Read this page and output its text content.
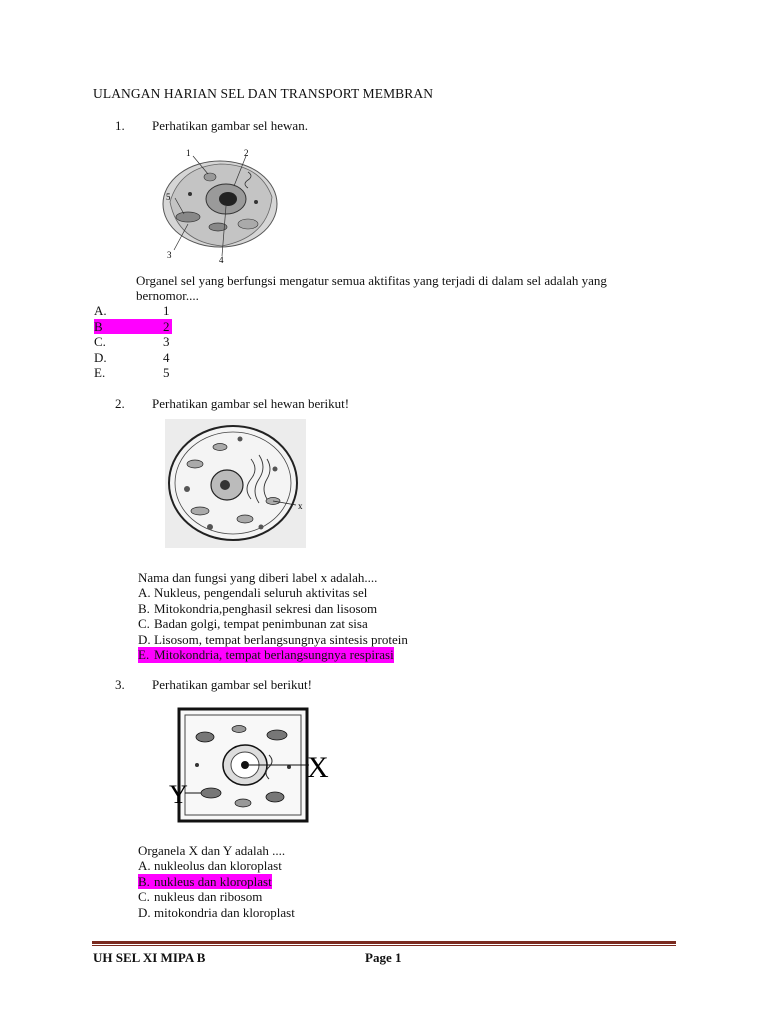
ULANGAN HARIAN SEL DAN TRANSPORT MEMBRAN
1.	Perhatikan gambar sel hewan.
1	2
5
3	4
Organel sel yang berfungsi mengatur semua aktifitas yang terjadi di dalam sel adalah yang
bernomor....
A.	1
B	2
C.	3
D.	4
E.	5
2.	Perhatikan gambar sel hewan berikut!
x
Nama dan fungsi yang diberi label x adalah....
A. Nukleus, pengendali seluruh aktivitas sel
B. Mitokondria,penghasil sekresi dan lisosom
C. Badan golgi, tempat penimbunan zat sisa
D. Lisosom, tempat berlangsungnya sintesis protein
E. Mitokondria, tempat berlangsungnya respirasi
3.	Perhatikan gambar sel berikut!
X
Y
Organela X dan Y adalah ....
A. nukleolus dan kloroplast
B. nukleus dan kloroplast
C. nukleus dan ribosom
D. mitokondria dan kloroplast
UH SEL XI MIPA B	Page 1
